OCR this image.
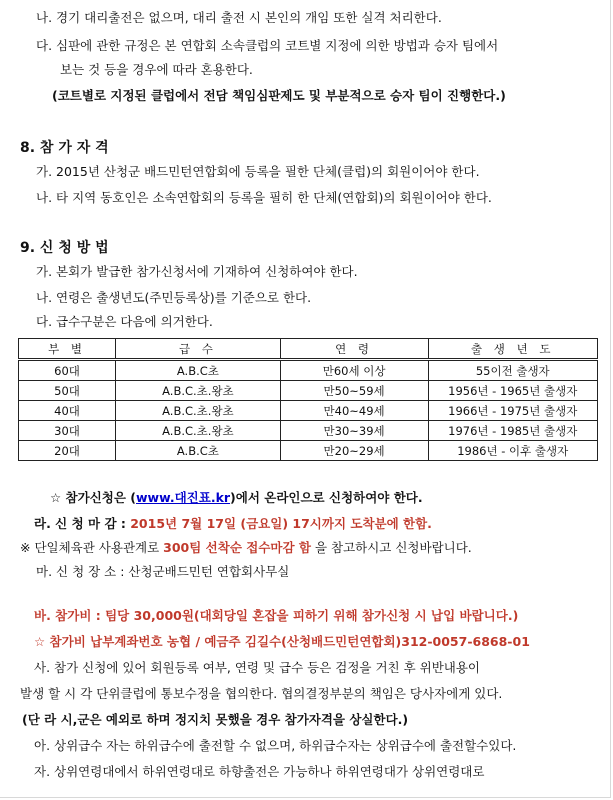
나. 경기 대리출전은 없으며, 대리 출전 시 본인의 개임 또한 실격 처리한다.
다. 심판에 관한 규정은 본 연합회 소속클럽의 코트별 지정에 의한 방법과 승자 팀에서
보는 것 등을 경우에 따라 혼용한다.
(코트별로 지정된 클럽에서 전담 책임심판제도 및 부분적으로 승자 팀이 진행한다.)
8. 참 가 자 격
가. 2015년 산청군 배드민턴연합회에 등록을 필한 단체(클럽)의 회원이어야 한다.
나. 타 지역 동호인은 소속연합회의 등록을 필히 한 단체(연합회)의 회원이어야 한다.
9. 신 청 방 법
가. 본회가 발급한 참가신청서에 기재하여 신청하여야 한다.
나. 연령은 출생년도(주민등록상)를 기준으로 한다.
다. 급수구분은 다음에 의거한다.
부 별	급 수	연 령	출 생 년 도
60대	A.B.C초	만60세 이상	55이전 출생자
50대	A.B.C.초.왕초	만50~59세	1956년 - 1965년 출생자
40대	A.B.C.초.왕초	만40~49세	1966년 - 1975년 출생자
30대	A.B.C.초.왕초	만30~39세	1976년 - 1985년 출생자
20대	A.B.C초	만20~29세	1986년 - 이후 출생자
☆ 참가신청은 (www.대진표.kr)에서 온라인으로 신청하여야 한다.
라. 신 청 마 감 : 2015년 7월 17일 (금요일) 17시까지 도착분에 한함.
※ 단일체육관 사용관계로 300팀 선착순 접수마감 함 을 참고하시고 신청바랍니다.
마. 신 청 장 소 : 산청군배드민턴 연합회사무실
바. 참가비 : 팀당 30,000원(대회당일 혼잡을 피하기 위해 참가신청 시 납입 바랍니다.)
☆ 참가비 납부계좌번호 농협 / 예금주 김길수(산청배드민턴연합회)312-0057-6868-01
사. 참가 신청에 있어 회원등록 여부, 연령 및 급수 등은 검정을 거친 후 위반내용이
발생 할 시 각 단위클럽에 통보수정을 협의한다. 협의결정부분의 책임은 당사자에게 있다.
(단 라 시,군은 예외로 하며 정지치 못했을 경우 참가자격을 상실한다.)
아. 상위급수 자는 하위급수에 출전할 수 없으며, 하위급수자는 상위급수에 출전할수있다.
자. 상위연령대에서 하위연령대로 하향출전은 가능하나 하위연령대가 상위연령대로
